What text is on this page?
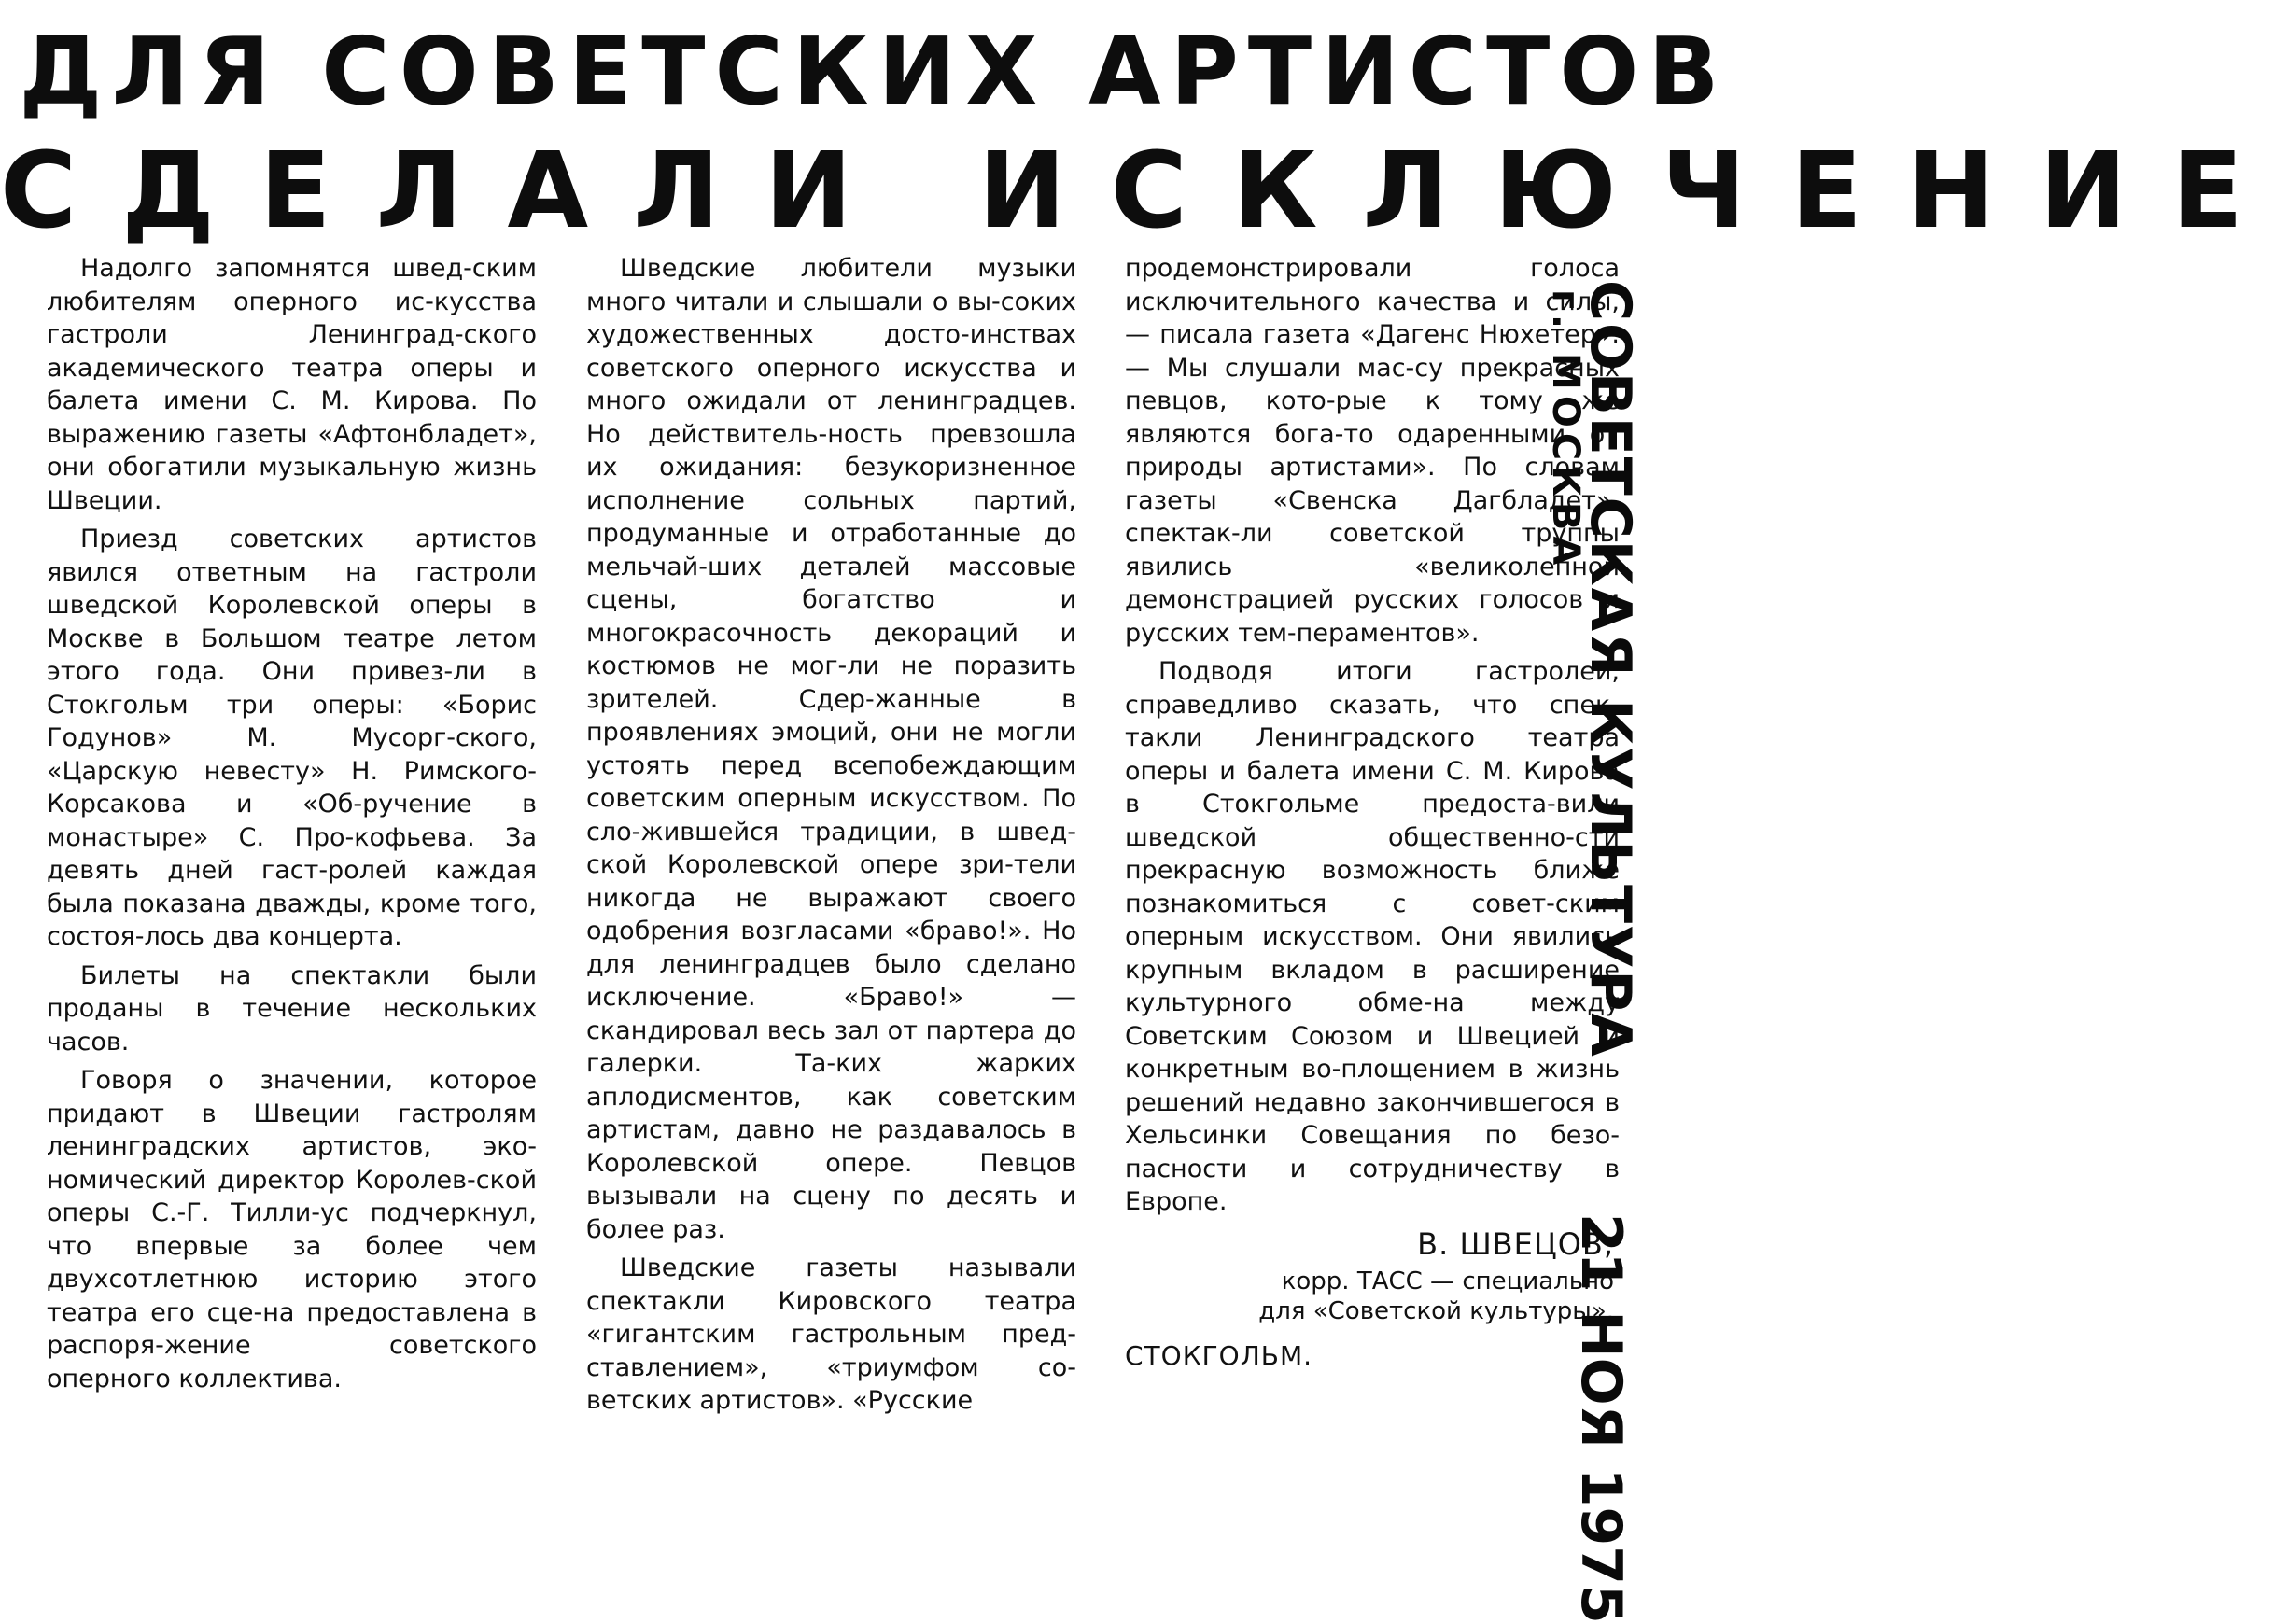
ДЛЯ СОВЕТСКИХ АРТИСТОВ
СДЕЛАЛИ ИСКЛЮЧЕНИЕ

Надолго запомнятся швед-ским любителям оперного ис-кусства гастроли Ленинград-ского академического театра оперы и балета имени С. М. Кирова. По выражению газеты «Афтонбладет», они обогатили музыкальную жизнь Швеции.

Приезд советских артистов явился ответным на гастроли шведской Королевской оперы в Москве в Большом театре летом этого года. Они привез-ли в Стокгольм три оперы: «Борис Годунов» М. Мусорг-ского, «Царскую невесту» Н. Римского-Корсакова и «Об-ручение в монастыре» С. Про-кофьева. За девять дней гаст-ролей каждая была показана дважды, кроме того, состоя-лось два концерта.

Билеты на спектакли были проданы в течение нескольких часов.

Говоря о значении, которое придают в Швеции гастролям ленинградских артистов, эко-номический директор Королев-ской оперы С.-Г. Тилли-ус подчеркнул, что впервые за более чем двухсотлетнюю историю этого театра его сце-на предоставлена в распоря-жение советского оперного коллектива.

Шведские любители музыки много читали и слышали о вы-соких художественных досто-инствах советского оперного искусства и много ожидали от ленинградцев. Но действитель-ность превзошла их ожидания: безукоризненное исполнение сольных партий, продуманные и отработанные до мельчай-ших деталей массовые сцены, богатство и многокрасочность декораций и костюмов не мог-ли не поразить зрителей. Сдер-жанные в проявлениях эмоций, они не могли устоять перед всепобеждающим советским оперным искусством. По сло-жившейся традиции, в швед-ской Королевской опере зри-тели никогда не выражают своего одобрения возгласами «браво!». Но для ленинградцев было сделано исключение. «Браво!» — скандировал весь зал от партера до галерки. Та-ких жарких аплодисментов, как советским артистам, давно не раздавалось в Королевской опере. Певцов вызывали на сцену по десять и более раз.

Шведские газеты называли спектакли Кировского театра «гигантским гастрольным пред-ставлением», «триумфом со-ветских артистов». «Русские

продемонстрировали голоса исключительного качества и силы,— писала газета «Дагенс Нюхетер».— Мы слушали мас-су прекрасных певцов, кото-рые к тому же являются бога-то одаренными от природы артистами». По словам газеты «Свенска Дагбладет», спектак-ли советской труппы явились «великолепной демонстрацией русских голосов и русских тем-пераментов».

Подводя итоги гастролей, справедливо сказать, что спек-такли Ленинградского театра оперы и балета имени С. М. Кирова в Стокгольме предоста-вили шведской общественно-сти прекрасную возможность ближе познакомиться с совет-ским оперным искусством. Они явились крупным вкладом в расширение культурного обме-на между Советским Союзом и Швецией и конкретным во-площением в жизнь решений недавно закончившегося в Хельсинки Совещания по безо-пасности и сотрудничеству в Европе.

В. ШВЕЦОВ,
корр. ТАСС — специально
для «Советской культуры».
СТОКГОЛЬМ.
СОВЕТСКАЯ КУЛЬТУРА
г. МОСКВА
21 НОЯ 1975
